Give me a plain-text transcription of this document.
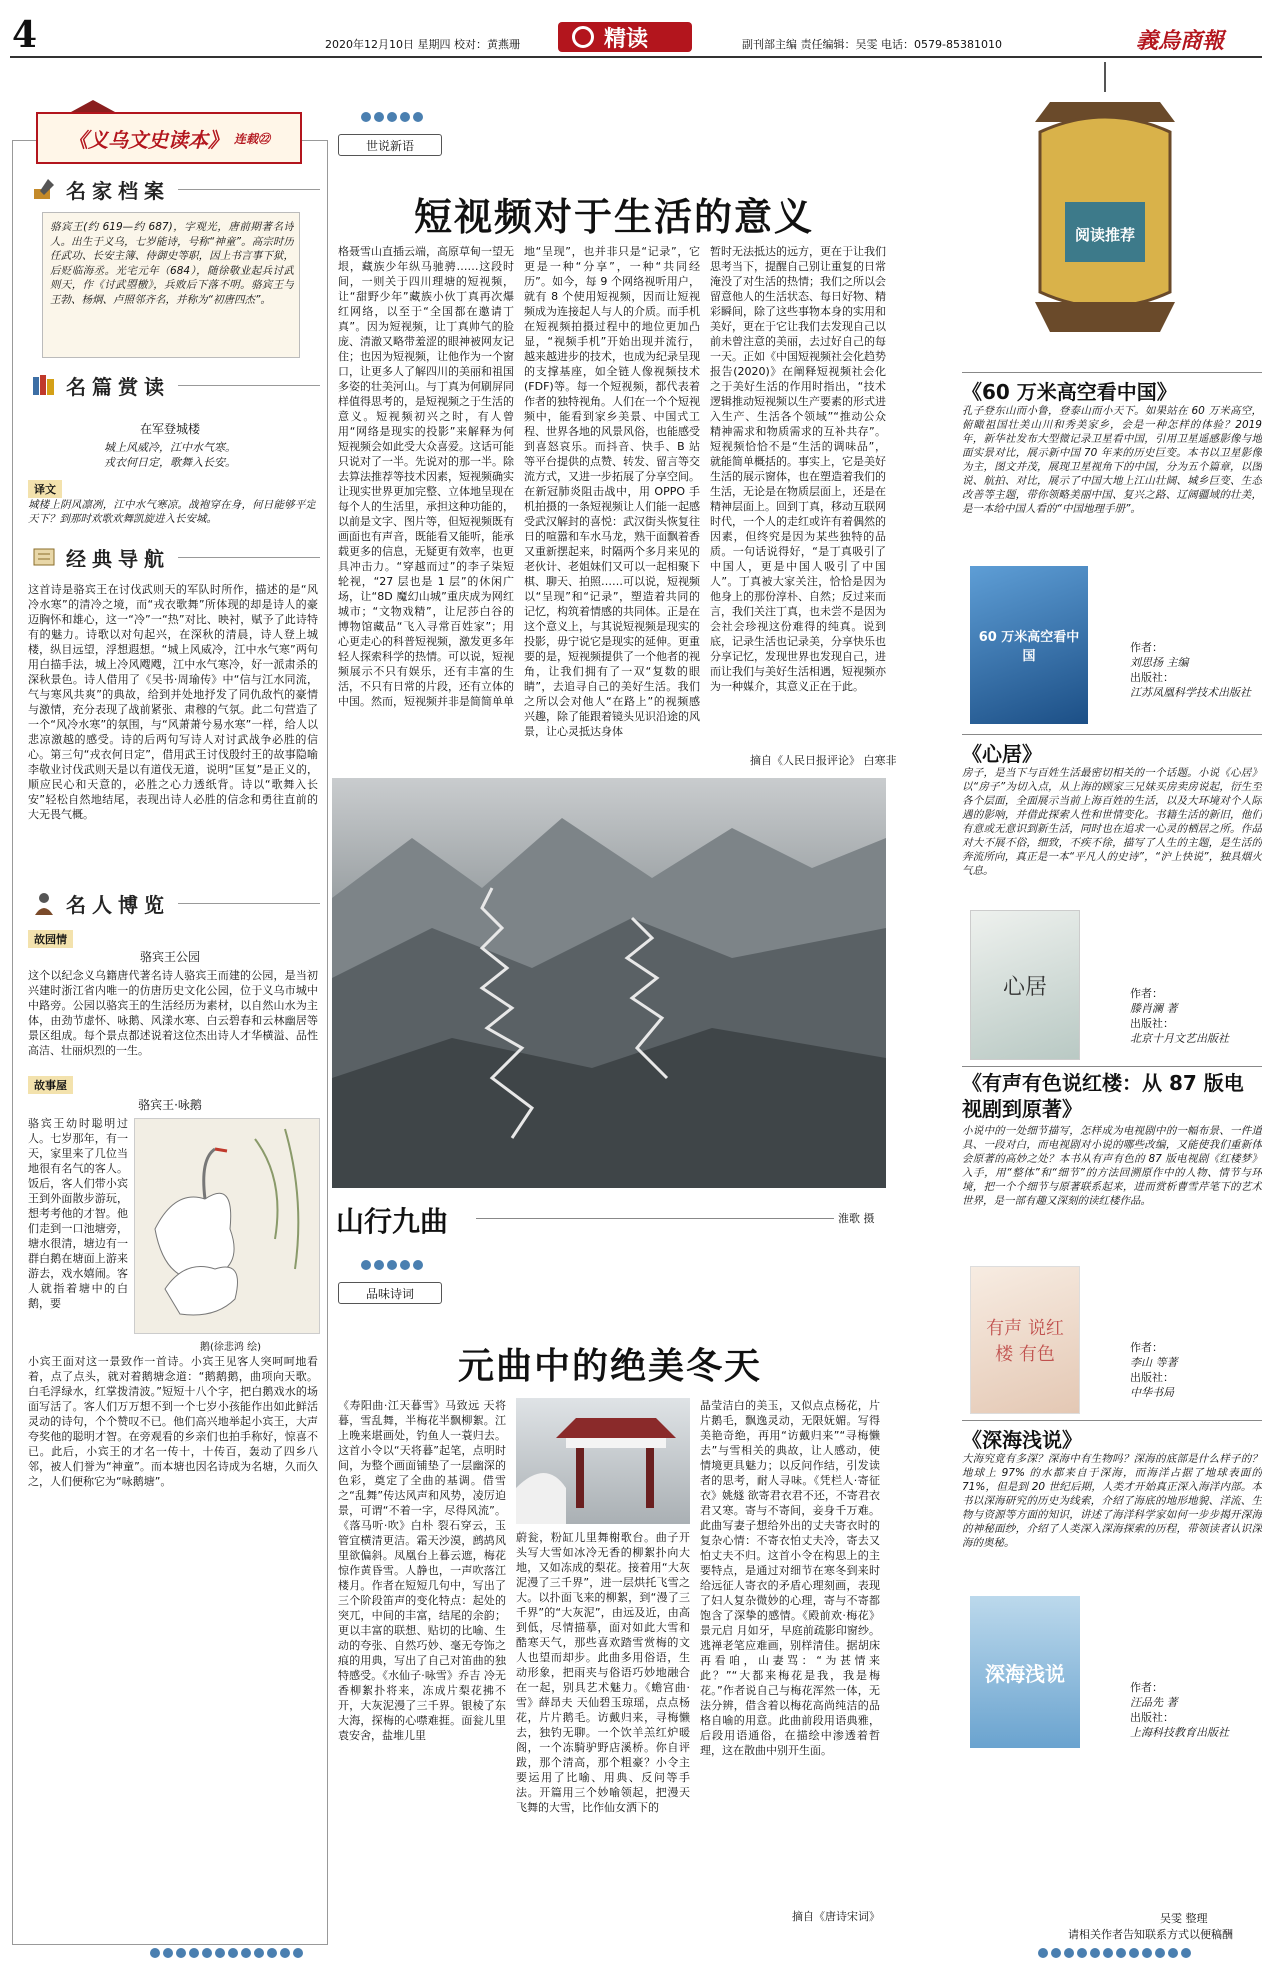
4	2020年12月10日 星期四 校对：黄燕珊	精读	副刊部主编 责任编辑：吴雯 电话：0579-85381010	義烏商報
《义乌文史读本》 连载㉒
名家档案
骆宾王(约 619—约 687)，字观光，唐前期著名诗人。出生于义乌，七岁能诗，号称“神童”。高宗时历任武功、长安主簿、侍御史等职，因上书言事下狱，后贬临海丞。光宅元年（684），随徐敬业起兵讨武则天，作《讨武曌檄》，兵败后下落不明。骆宾王与王勃、杨炯、卢照邻齐名，并称为“初唐四杰”。
名篇赏读
在军登城楼
城上风威冷，江中水气寒。
戎衣何日定，歌舞入长安。
译文
城楼上阴风凛冽，江中水气寒凉。战袍穿在身，何日能够平定天下？到那时欢歌欢舞凯旋进入长安城。
经典导航
这首诗是骆宾王在讨伐武则天的军队时所作，描述的是“风冷水寒”的清冷之境，而“戎衣歌舞”所体现的却是诗人的豪迈胸怀和雄心，这一“冷”一“热”对比、映衬，赋予了此诗特有的魅力。诗歌以对句起兴，在深秋的清晨，诗人登上城楼，纵目远望，浮想遐想。“城上风威冷，江中水气寒”两句用白描手法，城上冷风飕飕，江中水气寒冷，好一派肃杀的深秋景色。诗人借用了《吴书·周瑜传》中“信与江水同流，气与寒风共爽”的典故，给到并处地抒发了同仇敌忾的豪情与激情，充分表现了战前紧张、肃穆的气氛。此二句营造了一个“风冷水寒”的氛围，与“风萧萧兮易水寒”一样，给人以悲凉激越的感受。诗的后两句写诗人对讨武战争必胜的信心。第三句“戎衣何日定”，借用武王讨伐殷纣王的故事隐喻李敬业讨伐武则天是以有道伐无道，说明“匡复”是正义的，顺应民心和天意的，必胜之心力透纸背。诗以“歌舞入长安”轻松自然地结尾，表现出诗人必胜的信念和勇往直前的大无畏气概。
名人博览
故园情
骆宾王公园
这个以纪念义乌籍唐代著名诗人骆宾王而建的公园，是当初兴建时浙江省内唯一的仿唐历史文化公园，位于义乌市城中中路旁。公园以骆宾王的生活经历为素材，以自然山水为主体，由劲节虚怀、咏鹅、风漾水寒、白云碧春和云林幽居等景区组成。每个景点都述说着这位杰出诗人才华横溢、品性高洁、壮丽炽烈的一生。
故事屋
骆宾王·咏鹅
骆宾王幼时聪明过人。七岁那年，有一天，家里来了几位当地很有名气的客人。饭后，客人们带小宾王到外面散步游玩，想考考他的才智。他们走到一口池塘旁，塘水很清，塘边有一群白鹅在塘面上游来游去，戏水嬉闹。客人就指着塘中的白鹅，要
鹅(徐悲鸿 绘)
小宾王面对这一景致作一首诗。小宾王见客人突呵呵地看着，点了点头，就对着鹅塘念道：“鹅鹅鹅，曲项向天歌。白毛浮绿水，红掌拨清波。”短短十八个字，把白鹅戏水的场面写活了。客人们万万想不到一个七岁小孩能作出如此鲜活灵动的诗句，个个赞叹不已。他们高兴地举起小宾王，大声夸奖他的聪明才智。在旁观看的乡亲们也拍手称好，惊喜不已。此后，小宾王的才名一传十，十传百，轰动了四乡八邻，被人们誉为“神童”。而本塘也因名诗成为名塘，久而久之，人们便称它为“咏鹅塘”。
世说新语
短视频对于生活的意义
格聂雪山直插云端，高原草甸一望无垠，藏族少年纵马驰骋……这段时间，一则关于四川理塘的短视频，让“甜野少年”藏族小伙丁真再次爆红网络，以至于“全国都在邀请丁真”。因为短视频，让丁真帅气的脸庞、清澈又略带羞涩的眼神被网友记住；也因为短视频，让他作为一个窗口，让更多人了解四川的美丽和祖国多姿的壮美河山。与丁真为何刷屏同样值得思考的，是短视频之于生活的意义。短视频初兴之时，有人曾用“网络是现实的投影”来解释为何短视频会如此受大众喜爱。这话可能只说对了一半。先说对的那一半。除去算法推荐等技术因素，短视频确实让现实世界更加完整、立体地呈现在每个人的生活里，承担这种功能的，以前是文字、图片等，但短视频既有画面也有声音，既能看又能听，能承载更多的信息，无疑更有效率，也更具冲击力。“穿越而过”的李子柒短轮视，“27 层也是 1 层”的休闲广场，让“8D 魔幻山城”重庆成为网红城市；“文物戏精”，让尼莎白谷的博物馆藏品“飞入寻常百姓家”；用心更走心的科普短视频，激发更多年轻人探索科学的热情。可以说，短视频展示不只有娱乐，还有丰富的生活，不只有日常的片段，还有立体的中国。然而，短视频并非是简简单单
地“呈现”，也并非只是“记录”，它更是一种“分享”，一种“共同经历”。如今，每 9 个网络视听用户，就有 8 个使用短视频，因而让短视频成为连接起人与人的介质。而手机在短视频拍摄过程中的地位更加凸显，“视频手机”开始出现并流行，越来越进步的技术，也成为纪录呈现的支撑基座，如全链人像视频技术(FDF)等。每一个短视频，都代表着作者的独特视角。人们在一个个短视频中，能看到家乡美景、中国式工程、世界各地的风景风俗，也能感受到喜怒哀乐。而抖音、快手、B 站等平台提供的点赞、转发、留言等交流方式，又进一步拓展了分享空间。在新冠肺炎阻击战中，用 OPPO 手机拍摄的一条短视频让人们能一起感受武汉解封的喜悦：武汉街头恢复往日的喧嚣和车水马龙，熟干面飘着香又重新摆起来，时隔两个多月来见的老伙计、老姐妹们又可以一起相聚下棋、聊天、拍照……可以说，短视频以“呈现”和“记录”，塑造着共同的记忆，构筑着情感的共同体。正是在这个意义上，与其说短视频是现实的投影，毋宁说它是现实的延伸。更重要的是，短视频提供了一个他者的视角，让我们拥有了一双“复数的眼睛”，去追寻自己的美好生活。我们之所以会对他人“在路上”的视频感兴趣，除了能跟着镜头见识沿途的风景，让心灵抵达身体
暂时无法抵达的远方，更在于让我们思考当下，提醒自己别让重复的日常淹没了对生活的热情；我们之所以会留意他人的生活状态、每日好物、精彩瞬间，除了这些事物本身的实用和美好，更在于它让我们去发现自己以前未曾注意的美丽，去过好自己的每一天。正如《中国短视频社会化趋势报告(2020)》在阐释短视频社会化之于美好生活的作用时指出，“技术逻辑推动短视频以生产要素的形式进入生产、生活各个领域”“推动公众精神需求和物质需求的互补共存”。短视频恰恰不是“生活的调味品”，就能简单概括的。事实上，它是美好生活的展示窗体，也在塑造着我们的生活，无论是在物质层面上，还是在精神层面上。回到丁真，移动互联网时代，一个人的走红或许有着偶然的因素，但终究是因为某些独特的品质。一句话说得好，“是丁真吸引了中国人，更是中国人吸引了中国人”。丁真被大家关注，恰恰是因为他身上的那份淳朴、自然；反过来而言，我们关注丁真，也未尝不是因为会社会珍视这份难得的纯真。说到底，记录生活也记录美，分享快乐也分享记忆，发现世界也发现自己，进而让我们与美好生活相遇，短视频亦为一种媒介，其意义正在于此。
摘自《人民日报评论》 白寒非
山行九曲	淮歌 摄
品味诗词
元曲中的绝美冬天
《寿阳曲·江天暮雪》马致远 天将暮，雪乱舞，半梅花半飘柳絮。江上晚来堪画处，钓鱼人一蓑归去。这首小令以“天将暮”起笔，点明时间，为整个画面铺垫了一层幽深的色彩，奠定了全曲的基调。借雪之“乱舞”传达风声和风势，凌厉迫景，可谓“不着一字，尽得风流”。《落马听·吹》白朴 裂石穿云，玉管宜横清更洁。霜天沙漠，鹧鸪风里欲偏斜。凤凰台上暮云遮，梅花惊作黄昏雪。人静也，一声吹落江楼月。作者在短短几句中，写出了三个阶段笛声的变化特点：起处的突兀，中间的丰富，结尾的余韵；更以丰富的联想、贴切的比喻、生动的夸张、自然巧妙、毫无夸饰之痕的用典，写出了自己对笛曲的独特感受。《水仙子·咏雪》乔吉 冷无香柳絮扑将来，冻成片梨花拂不开，大灰泥漫了三千界。银棱了东大海，探梅的心噤难捱。面瓮儿里袁安舍，盐堆儿里
蔚瓮，粉缸儿里舞榭歌台。曲子开头写大雪如冰冷无香的柳絮扑向大地，又如冻成的梨花。接着用“大灰泥漫了三千界”，进一层烘托飞雪之大。以扑面飞来的柳絮，到“漫了三千界”的“大灰泥”，由远及近，由高到低，尽情描摹，面对如此大雪和酷寒天气，那些喜欢踏雪赏梅的文人也望而却步。此曲多用俗语，生动形象，把雨夹与俗语巧妙地融合在一起，别具艺术魅力。《蟾宫曲·雪》薛昂夫 天仙碧玉琼瑶，点点杨花，片片鹅毛。访戴归来，寻梅懒去，独钓无聊。一个饮羊羔红炉暖阁，一个冻騎驴野店溪桥。你自评跋，那个清高，那个粗豪？小令主要运用了比喻、用典、反问等手法。开篇用三个妙喻领起，把漫天飞舞的大雪，比作仙女洒下的
晶莹洁白的美玉，又似点点杨花，片片鹅毛，飘逸灵动，无限妩媚。写得美艳奇绝，再用“访戴归来”“寻梅懒去”与雪相关的典故，让人感动，使情境更具魅力；以反问作结，引发读者的思考，耐人寻味。《凭栏人·寄征衣》姚燧 欲寄君衣君不还，不寄君衣君又寒。寄与不寄间，妾身千万难。此曲写妻子想给外出的丈夫寄衣时的复杂心情：不寄衣怕丈夫冷，寄去又怕丈夫不归。这首小令在构思上的主要特点，是通过对细节在寒冬到来时给远征人寄衣的矛盾心理刻画，表现了妇人复杂微妙的心理，寄与不寄都饱含了深挚的感情。《殿前欢·梅花》景元启 月如牙，早庭前疏影印窗纱。逃禅老笔应难画，别样清佳。据胡床再看咱，山妻骂：“为甚情来此？”“大都来梅花是我，我是梅花。”作者说自己与梅花浑然一体，无法分辨，借含着以梅花高尚纯洁的品格自喻的用意。此曲前段用语典雅，后段用语通俗，在描绘中渗透着哲理，这在散曲中别开生面。
摘自《唐诗宋词》
阅读推荐
《60 万米高空看中国》
孔子登东山而小鲁，登泰山而小天下。如果站在 60 万米高空，俯瞰祖国壮美山川和秀美家乡，会是一种怎样的体验？2019 年，新华社发布大型微记录卫星看中国，引用卫星遥感影像与地面实景对比，展示新中国 70 年来的历史巨变。本书以卫星影像为主，图文并茂，展现卫星视角下的中国，分为五个篇章，以图说、航拍、对比，展示了中国大地上江山壮阔、城乡巨变、生态改善等主题，带你领略美丽中国、复兴之路、辽阔疆域的壮美，是一本给中国人看的“中国地理手册”。
60 万米高空看中国
作者：
刘思扬 主编
出版社：
江苏凤凰科学技术出版社
《心居》
房子，是当下与百姓生活最密切相关的一个话题。小说《心居》以“房子”为切入点，从上海的顾家三兄妹买房卖房说起，衍生至各个层面，全面展示当前上海百姓的生活，以及大环境对个人际遇的影响，并借此探索人性和世情变化。书籍生活的新旧，他们有意或无意识到新生活，同时也在追求一心灵的栖居之所。作品对大不展不俗，细致，不疾不徐，描写了人生的主题，是生活的奔流所向，真正是一本“平凡人的史诗”，“沪上快说”，独具烟火气息。
心居	作者：
滕肖澜 著
出版社：
北京十月文艺出版社
《有声有色说红楼：从 87 版电视剧到原著》
小说中的一处细节描写，怎样成为电视剧中的一幅布景、一件道具、一段对白，而电视剧对小说的哪些改编，又能使我们重新体会原著的高妙之处？本书从有声有色的 87 版电视剧《红楼梦》入手，用“整体”和“细节”的方法回溯原作中的人物、情节与环境，把一个个细节与原著联系起来，进而赏析曹雪芹笔下的艺术世界，是一部有趣又深刻的读红楼作品。
有声 说红楼 有色	作者：
李山 等著
出版社：
中华书局
《深海浅说》
大海究竟有多深？深海中有生物吗？深海的底部是什么样子的？地球上 97% 的水都来自于深海，而海洋占据了地球表面的 71%，但是到 20 世纪后期，人类才开始真正深入海洋内部。本书以深海研究的历史为线索，介绍了海底的地形地貌、洋流、生物与资源等方面的知识，讲述了海洋科学家如何一步步揭开深海的神秘面纱，介绍了人类深入深海探索的历程，带领读者认识深海的奥秘。
深海浅说
作者：
汪品先 著
出版社：
上海科技教育出版社
吴雯 整理
请相关作者告知联系方式以便稿酬
